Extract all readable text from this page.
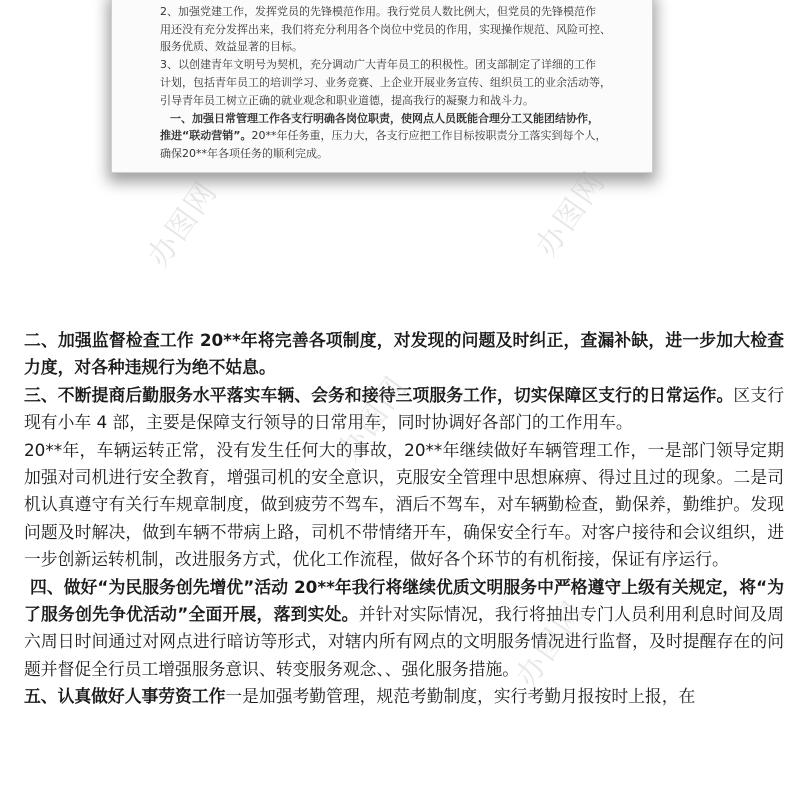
2、加强党建工作，发挥党员的先锋模范作用。我行党员人数比例大，但党员的先锋模范作
用还没有充分发挥出来，我们将充分利用各个岗位中党员的作用，实现操作规范、风险可控、
服务优质、效益显著的目标。
3、以创建青年文明号为契机，充分调动广大青年员工的积极性。团支部制定了详细的工作
计划，包括青年员工的培训学习、业务竞赛、上企业开展业务宣传、组织员工的业余活动等，
引导青年员工树立正确的就业观念和职业道德，提高我行的凝聚力和战斗力。
一、加强日常管理工作各支行明确各岗位职责，使网点人员既能合理分工又能团结协作，
推进“联动营销”。20**年任务重，压力大，各支行应把工作目标按职责分工落实到每个人，
确保20**年各项任务的顺利完成。

二、加强监督检查工作 20**年将完善各项制度，对发现的问题及时纠正，查漏补缺，进一步加大检查力度，对各种违规行为绝不姑息。

三、不断提商后勤服务水平落实车辆、会务和接待三项服务工作，切实保障区支行的日常运作。区支行现有小车 4 部，主要是保障支行领导的日常用车，同时协调好各部门的工作用车。

20**年，车辆运转正常，没有发生任何大的事故，20**年继续做好车辆管理工作，一是部门领导定期加强对司机进行安全教育，增强司机的安全意识，克服安全管理中思想麻痹、得过且过的现象。二是司机认真遵守有关行车规章制度，做到疲劳不驾车，酒后不驾车，对车辆勤检查，勤保养，勤维护。发现问题及时解决，做到车辆不带病上路，司机不带情绪开车，确保安全行车。对客户接待和会议组织，进一步创新运转机制，改进服务方式，优化工作流程，做好各个环节的有机衔接，保证有序运行。

四、做好“为民服务创先增优”活动 20**年我行将继续优质文明服务中严格遵守上级有关规定，将“为了服务创先争优活动”全面开展，落到实处。并针对实际情况，我行将抽出专门人员利用利息时间及周六周日时间通过对网点进行暗访等形式，对辖内所有网点的文明服务情况进行监督，及时提醒存在的问题并督促全行员工增强服务意识、转变服务观念、、强化服务措施。

五、认真做好人事劳资工作一是加强考勤管理，规范考勤制度，实行考勤月报按时上报，在

办图网	办图网
办图网
办图网
